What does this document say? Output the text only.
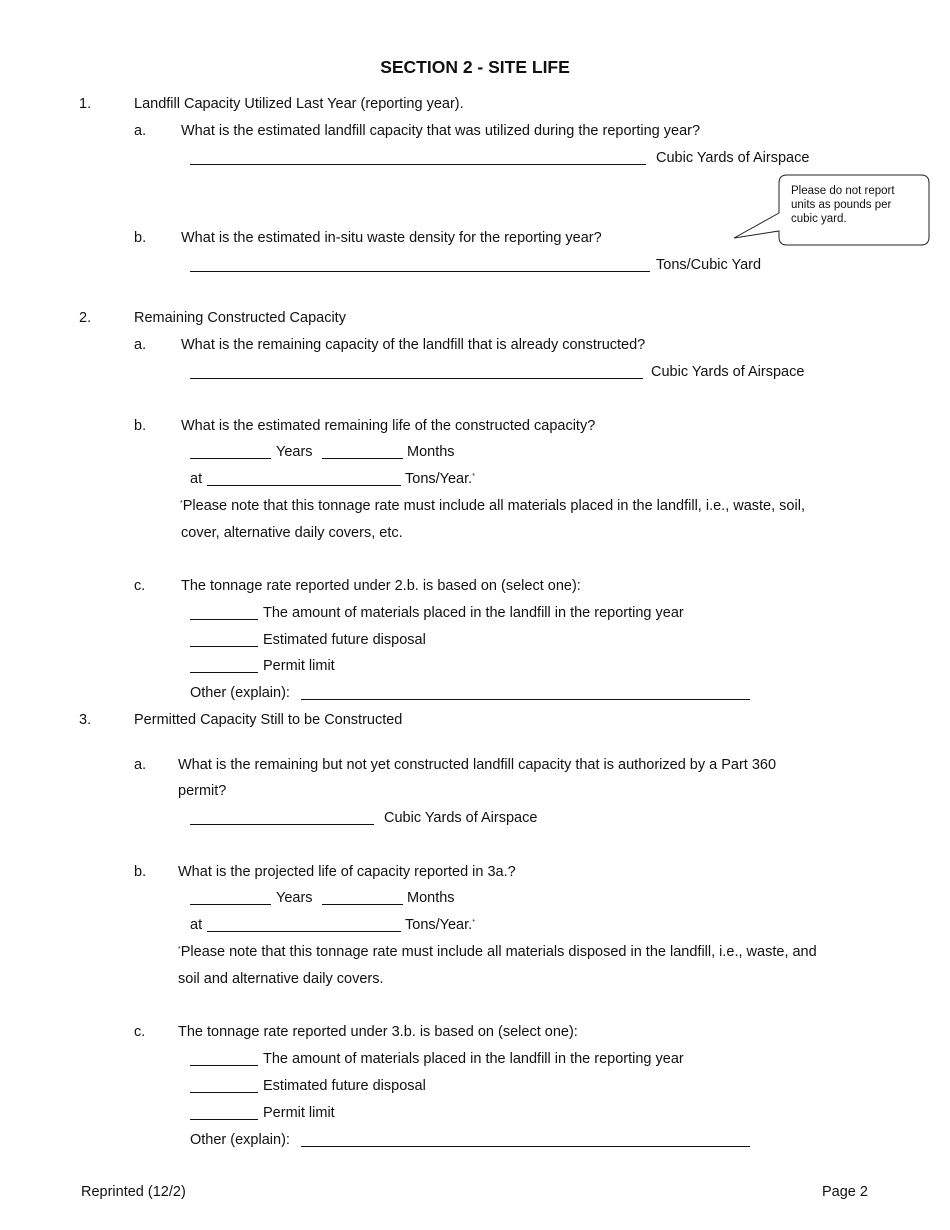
SECTION 2 - SITE LIFE
Please do not report units as pounds per cubic yard.
1.	Landfill Capacity Utilized Last Year (reporting year).
a. What is the estimated landfill capacity that was utilized during the reporting year?
Cubic Yards of Airspace
b. What is the estimated in-situ waste density for the reporting year?
Tons/Cubic Yard
2.	Remaining Constructed Capacity
a. What is the remaining capacity of the landfill that is already constructed?
Cubic Yards of Airspace
b. What is the estimated remaining life of the constructed capacity?
Years	Months
at	Tons/Year.*
*Please note that this tonnage rate must include all materials placed in the landfill, i.e., waste, soil,
cover, alternative daily covers, etc.
c. The tonnage rate reported under 2.b. is based on (select one):
The amount of materials placed in the landfill in the reporting year
Estimated future disposal
Permit limit
Other (explain):
3.	Permitted Capacity Still to be Constructed
a. What is the remaining but not yet constructed landfill capacity that is authorized by a Part 360
permit?
Cubic Yards of Airspace
b. What is the projected life of capacity reported in 3a.?
Years	Months
at	Tons/Year.*
*Please note that this tonnage rate must include all materials disposed in the landfill, i.e., waste, and
soil and alternative daily covers.
c. The tonnage rate reported under 3.b. is based on (select one):
The amount of materials placed in the landfill in the reporting year
Estimated future disposal
Permit limit
Other (explain):
Reprinted (12/2)	Page 2
